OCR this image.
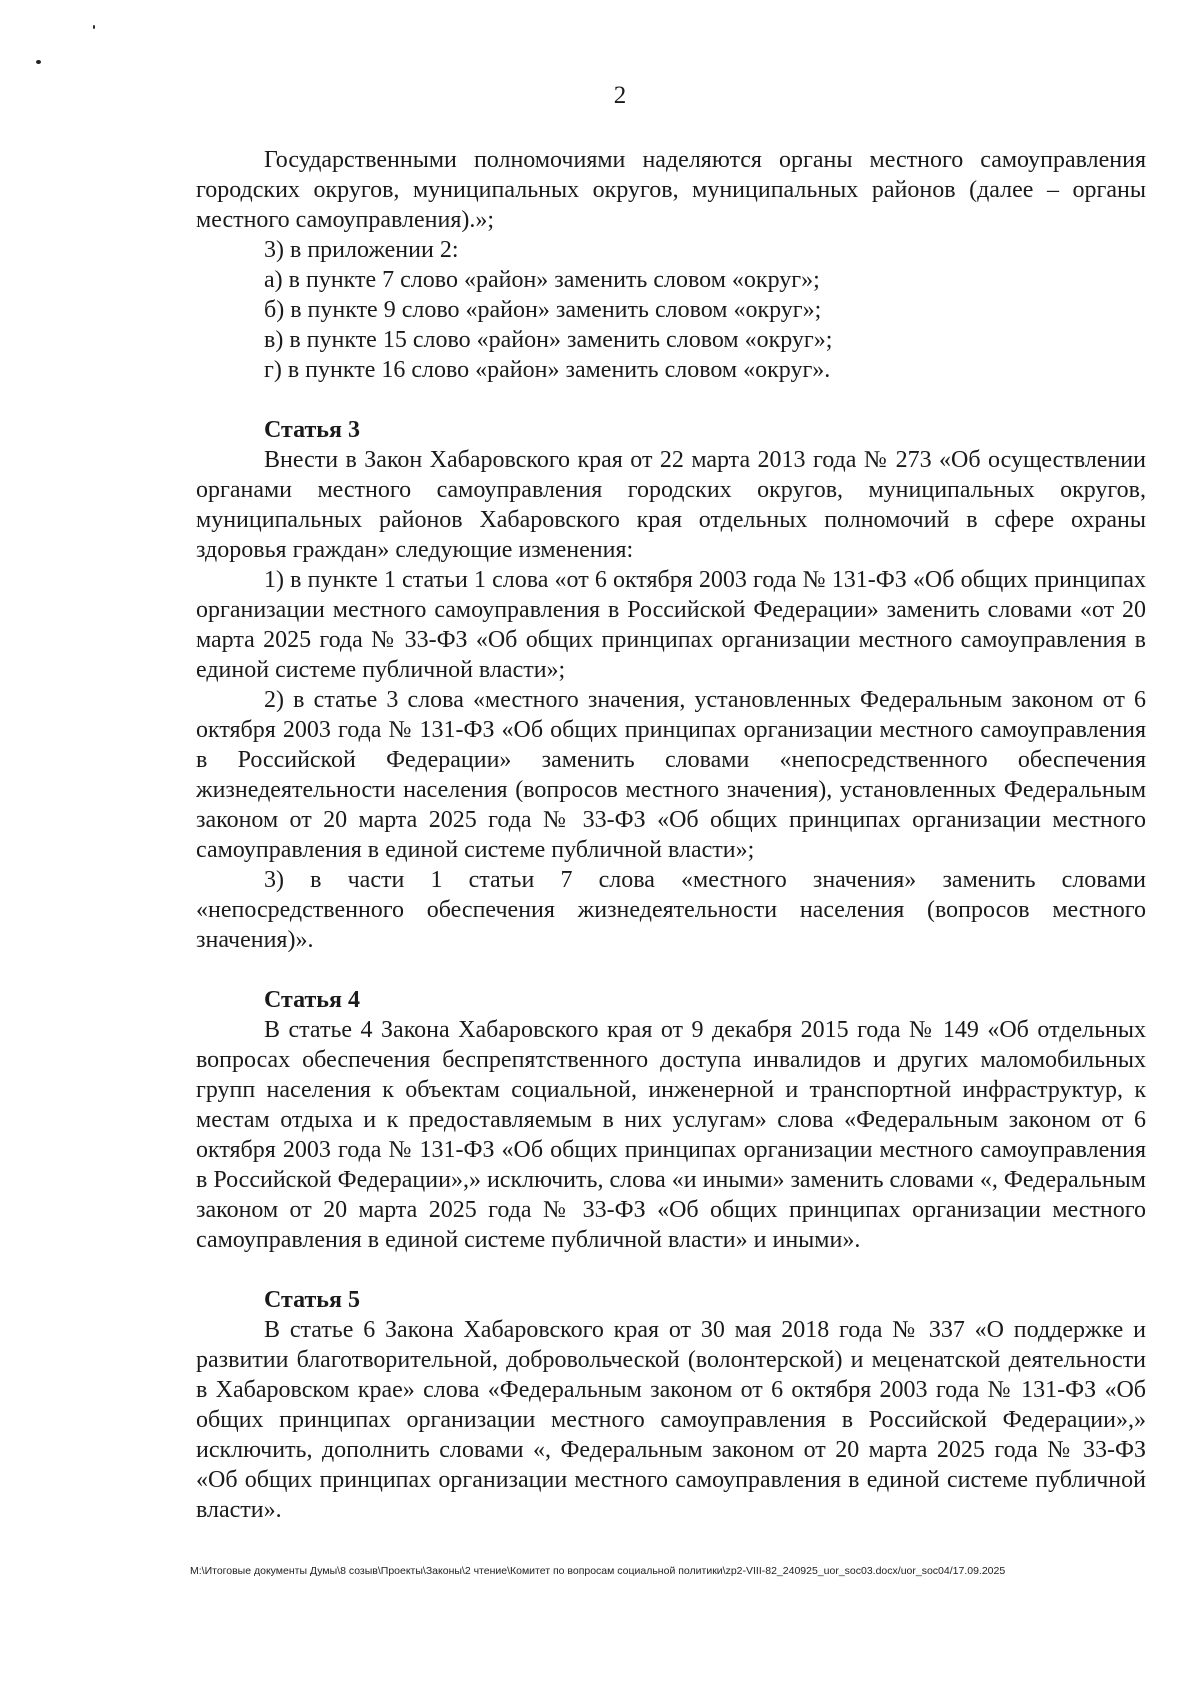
2

Государственными полномочиями наделяются органы местного самоуправления городских округов, муниципальных округов, муниципальных районов (далее – органы местного самоуправления).»;

3) в приложении 2:

а) в пункте 7 слово «район» заменить словом «округ»;

б) в пункте 9 слово «район» заменить словом «округ»;

в) в пункте 15 слово «район» заменить словом «округ»;

г) в пункте 16 слово «район» заменить словом «округ».

Статья 3

Внести в Закон Хабаровского края от 22 марта 2013 года № 273 «Об осуществлении органами местного самоуправления городских округов, муниципальных округов, муниципальных районов Хабаровского края отдельных полномочий в сфере охраны здоровья граждан» следующие изменения:

1) в пункте 1 статьи 1 слова «от 6 октября 2003 года № 131-ФЗ «Об общих принципах организации местного самоуправления в Российской Федерации» заменить словами «от 20 марта 2025 года № 33-ФЗ «Об общих принципах организации местного самоуправления в единой системе публичной власти»;

2) в статье 3 слова «местного значения, установленных Федеральным законом от 6 октября 2003 года № 131-ФЗ «Об общих принципах организации местного самоуправления в Российской Федерации» заменить словами «непосредственного обеспечения жизнедеятельности населения (вопросов местного значения), установленных Федеральным законом от 20 марта 2025 года № 33-ФЗ «Об общих принципах организации местного самоуправления в единой системе публичной власти»;

3) в части 1 статьи 7 слова «местного значения» заменить словами «непосредственного обеспечения жизнедеятельности населения (вопросов местного значения)».

Статья 4

В статье 4 Закона Хабаровского края от 9 декабря 2015 года № 149 «Об отдельных вопросах обеспечения беспрепятственного доступа инвалидов и других маломобильных групп населения к объектам социальной, инженерной и транспортной инфраструктур, к местам отдыха и к предоставляемым в них услугам» слова «Федеральным законом от 6 октября 2003 года № 131-ФЗ «Об общих принципах организации местного самоуправления в Российской Федерации»,» исключить, слова «и иными» заменить словами «, Федеральным законом от 20 марта 2025 года № 33-ФЗ «Об общих принципах организации местного самоуправления в единой системе публичной власти» и иными».

Статья 5

В статье 6 Закона Хабаровского края от 30 мая 2018 года № 337 «О поддержке и развитии благотворительной, добровольческой (волонтерской) и меценатской деятельности в Хабаровском крае» слова «Федеральным законом от 6 октября 2003 года № 131-ФЗ «Об общих принципах организации местного самоуправления в Российской Федерации»,» исключить, дополнить словами «, Федеральным законом от 20 марта 2025 года № 33-ФЗ «Об общих принципах организации местного самоуправления в единой системе публичной власти».

M:\Итоговые документы Думы\8 созыв\Проекты\Законы\2 чтение\Комитет по вопросам социальной политики\zp2-VIII-82_240925_uor_soc03.docx/uor_soc04/17.09.2025
